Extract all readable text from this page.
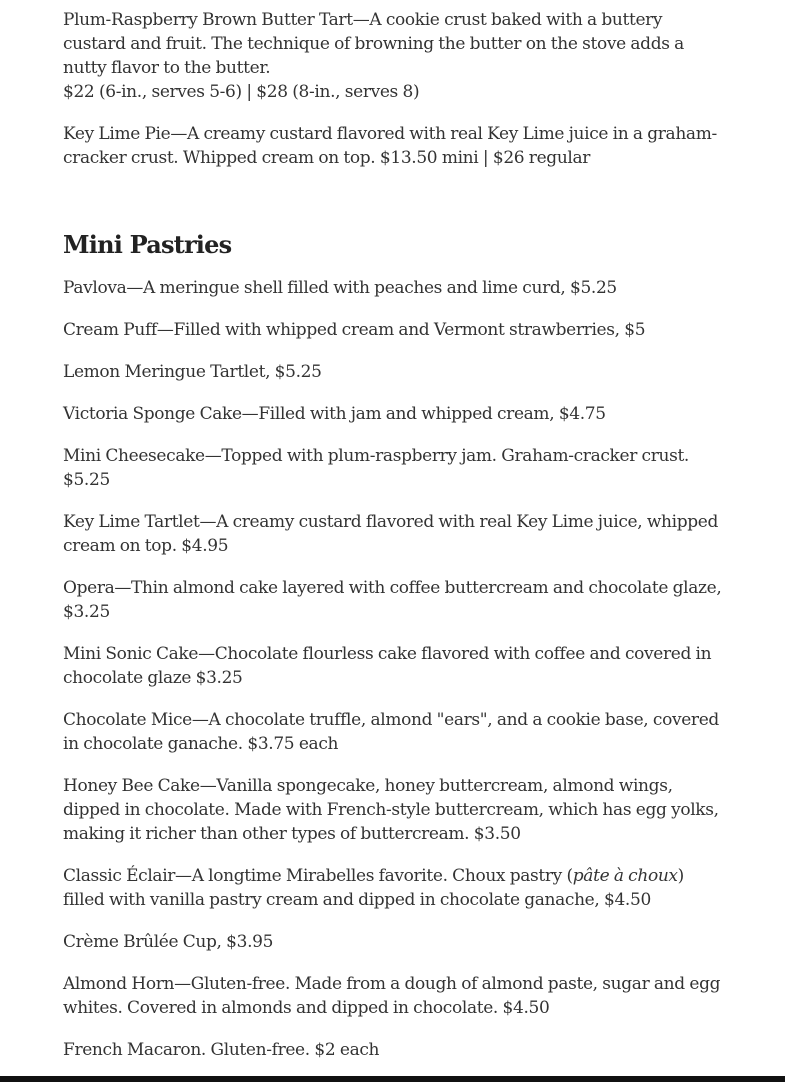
Plum-Raspberry Brown Butter Tart—A cookie crust baked with a buttery custard and fruit. The technique of browning the butter on the stove adds a nutty flavor to the butter.
$22 (6-in., serves 5-6) | $28 (8-in., serves 8)

Key Lime Pie—A creamy custard flavored with real Key Lime juice in a graham-cracker crust. Whipped cream on top. $13.50 mini | $26 regular

Mini Pastries

Pavlova—A meringue shell filled with peaches and lime curd, $5.25

Cream Puff—Filled with whipped cream and Vermont strawberries, $5

Lemon Meringue Tartlet, $5.25

Victoria Sponge Cake—Filled with jam and whipped cream, $4.75

Mini Cheesecake—Topped with plum-raspberry jam. Graham-cracker crust. $5.25

Key Lime Tartlet—A creamy custard flavored with real Key Lime juice, whipped cream on top. $4.95

Opera—Thin almond cake layered with coffee buttercream and chocolate glaze, $3.25

Mini Sonic Cake—Chocolate flourless cake flavored with coffee and covered in chocolate glaze $3.25

Chocolate Mice—A chocolate truffle, almond "ears", and a cookie base, covered in chocolate ganache. $3.75 each

Honey Bee Cake—Vanilla spongecake, honey buttercream, almond wings, dipped in chocolate. Made with French-style buttercream, which has egg yolks, making it richer than other types of buttercream. $3.50

Classic Éclair—A longtime Mirabelles favorite. Choux pastry (pâte à choux) filled with vanilla pastry cream and dipped in chocolate ganache, $4.50

Crème Brûlée Cup, $3.95

Almond Horn—Gluten-free. Made from a dough of almond paste, sugar and egg whites. Covered in almonds and dipped in chocolate. $4.50

French Macaron. Gluten-free. $2 each
